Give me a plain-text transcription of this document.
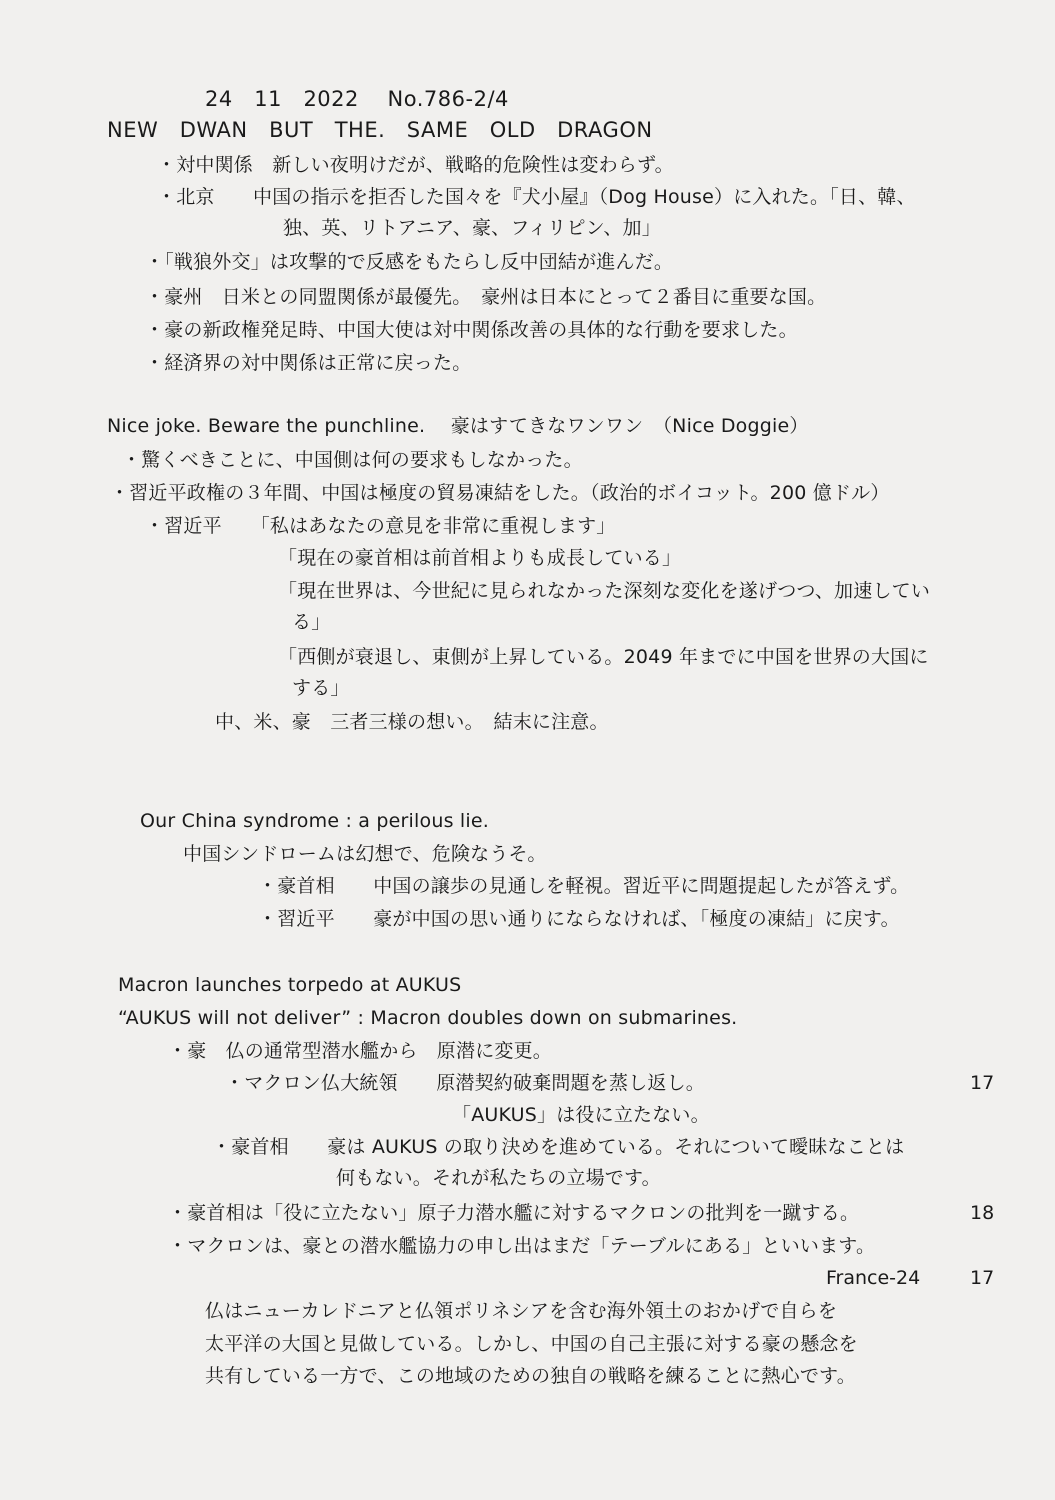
24　11　2022　 No.786-2/4
NEW　DWAN　BUT　THE.　SAME　OLD　DRAGON
・対中関係　新しい夜明けだが、戦略的危険性は変わらず。
・北京　　中国の指示を拒否した国々を『犬小屋』（Dog House）に入れた。「日、韓、
独、英、リトアニア、豪、フィリピン、加」
・「戦狼外交」は攻撃的で反感をもたらし反中団結が進んだ。
・豪州　日米との同盟関係が最優先。　豪州は日本にとって２番目に重要な国。
・豪の新政権発足時、中国大使は対中関係改善の具体的な行動を要求した。
・経済界の対中関係は正常に戻った。
Nice joke. Beware the punchline.　 豪はすてきなワンワン　（Nice Doggie）
・驚くべきことに、中国側は何の要求もしなかった。
・習近平政権の３年間、中国は極度の貿易凍結をした。（政治的ボイコット。200 億ドル）
・習近平　　「私はあなたの意見を非常に重視します」
「現在の豪首相は前首相よりも成長している」
「現在世界は、今世紀に見られなかった深刻な変化を遂げつつ、加速してい
る」
「西側が衰退し、東側が上昇している。2049 年までに中国を世界の大国に
する」
中、米、豪　三者三様の想い。　結末に注意。
Our China syndrome : a perilous lie.
中国シンドロームは幻想で、危険なうそ。
・豪首相　　中国の譲歩の見通しを軽視。習近平に問題提起したが答えず。
・習近平　　豪が中国の思い通りにならなければ、「極度の凍結」に戻す。
Macron launches torpedo at AUKUS
“AUKUS will not deliver” : Macron doubles down on submarines.
・豪　仏の通常型潜水艦から　原潜に変更。
・マクロン仏大統領　　原潜契約破棄問題を蒸し返し。	17
「AUKUS」は役に立たない。
・豪首相　　豪は AUKUS の取り決めを進めている。それについて曖昧なことは
何もない。それが私たちの立場です。
・豪首相は「役に立たない」原子力潜水艦に対するマクロンの批判を一蹴する。	18
・マクロンは、豪との潜水艦協力の申し出はまだ「テーブルにある」といいます。
France-24	17
仏はニューカレドニアと仏領ポリネシアを含む海外領土のおかげで自らを
太平洋の大国と見做している。しかし、中国の自己主張に対する豪の懸念を
共有している一方で、この地域のための独自の戦略を練ることに熱心です。
